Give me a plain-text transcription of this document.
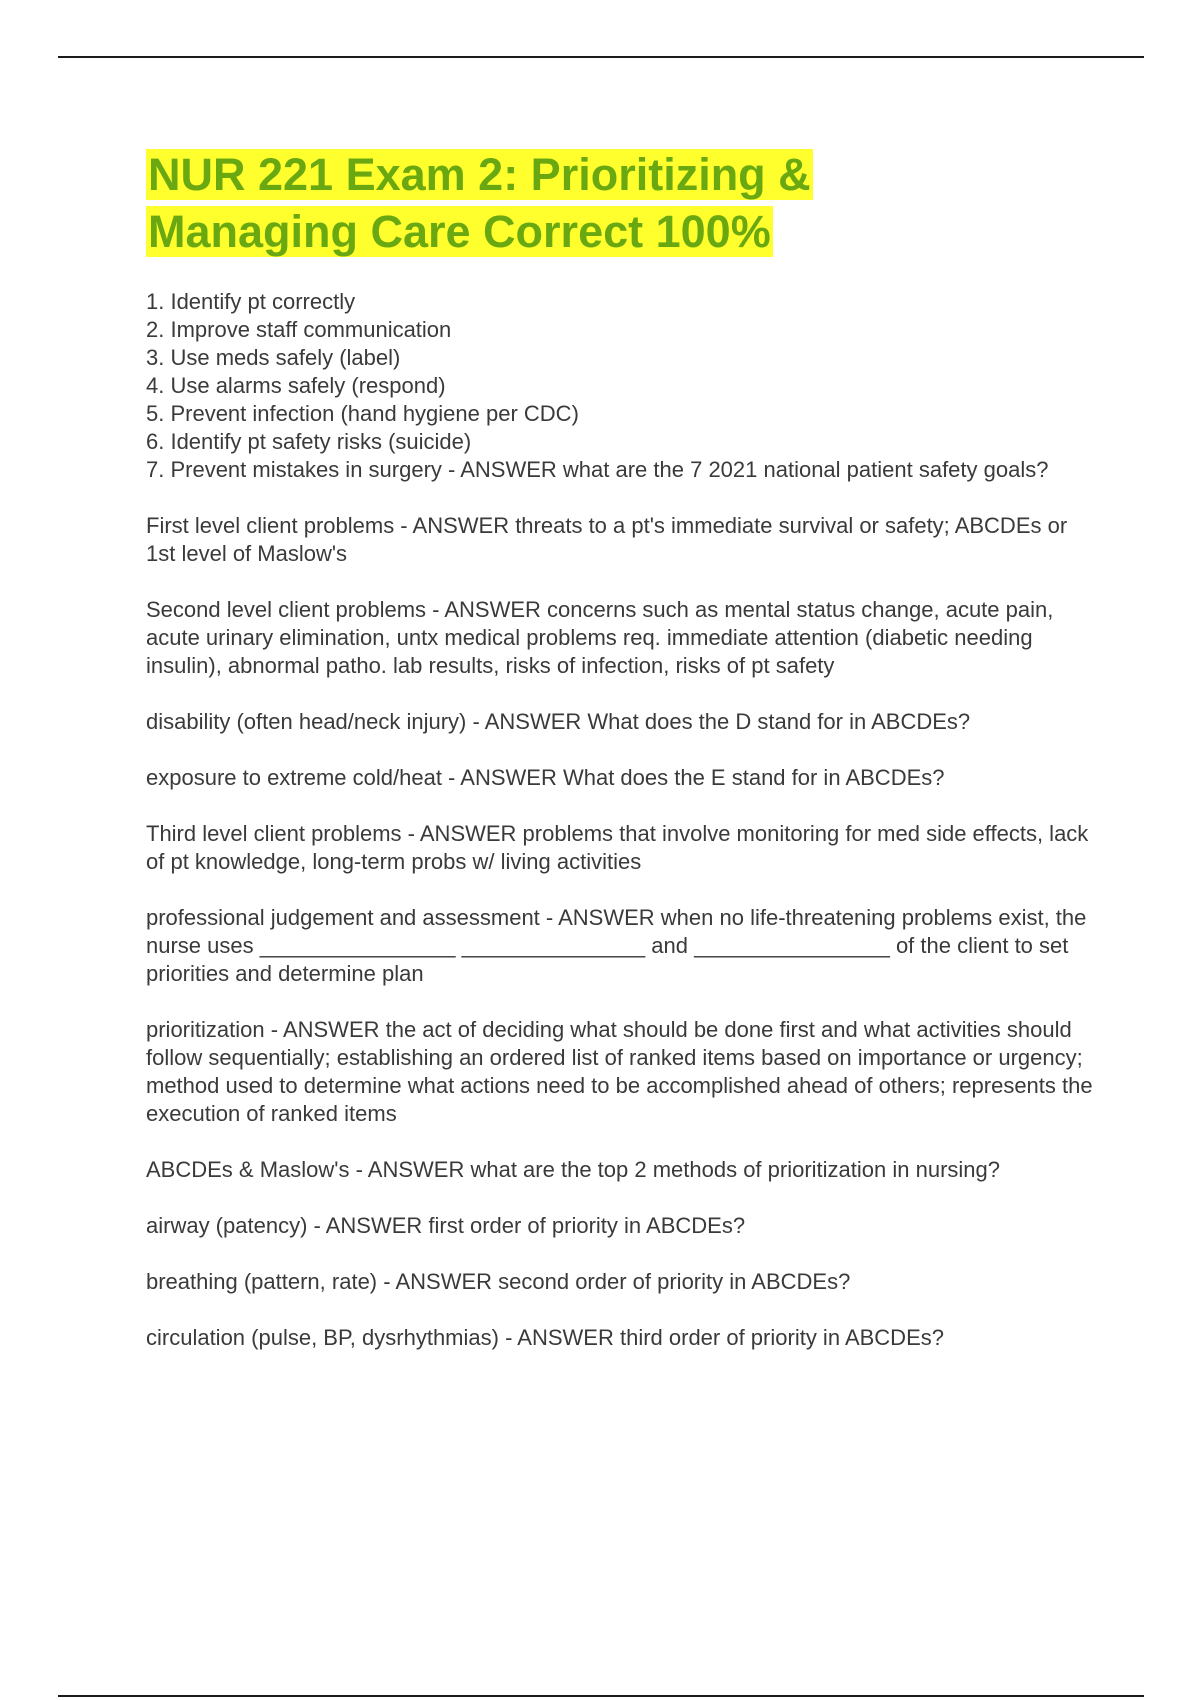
NUR 221 Exam 2: Prioritizing &
Managing Care Correct 100%
1. Identify pt correctly
2. Improve staff communication
3. Use meds safely (label)
4. Use alarms safely (respond)
5. Prevent infection (hand hygiene per CDC)
6. Identify pt safety risks (suicide)
7. Prevent mistakes in surgery - ANSWER what are the 7 2021 national patient safety goals?

First level client problems - ANSWER threats to a pt's immediate survival or safety; ABCDEs or 1st level of Maslow's

Second level client problems - ANSWER concerns such as mental status change, acute pain, acute urinary elimination, untx medical problems req. immediate attention (diabetic needing insulin), abnormal patho. lab results, risks of infection, risks of pt safety

disability (often head/neck injury) - ANSWER What does the D stand for in ABCDEs?

exposure to extreme cold/heat - ANSWER What does the E stand for in ABCDEs?

Third level client problems - ANSWER problems that involve monitoring for med side effects, lack of pt knowledge, long-term probs w/ living activities

professional judgement and assessment - ANSWER when no life-threatening problems exist, the nurse uses ________________ _______________ and ________________ of the client to set priorities and determine plan

prioritization - ANSWER the act of deciding what should be done first and what activities should follow sequentially; establishing an ordered list of ranked items based on importance or urgency; method used to determine what actions need to be accomplished ahead of others; represents the execution of ranked items

ABCDEs & Maslow's - ANSWER what are the top 2 methods of prioritization in nursing?

airway (patency) - ANSWER first order of priority in ABCDEs?

breathing (pattern, rate) - ANSWER second order of priority in ABCDEs?

circulation (pulse, BP, dysrhythmias) - ANSWER third order of priority in ABCDEs?
